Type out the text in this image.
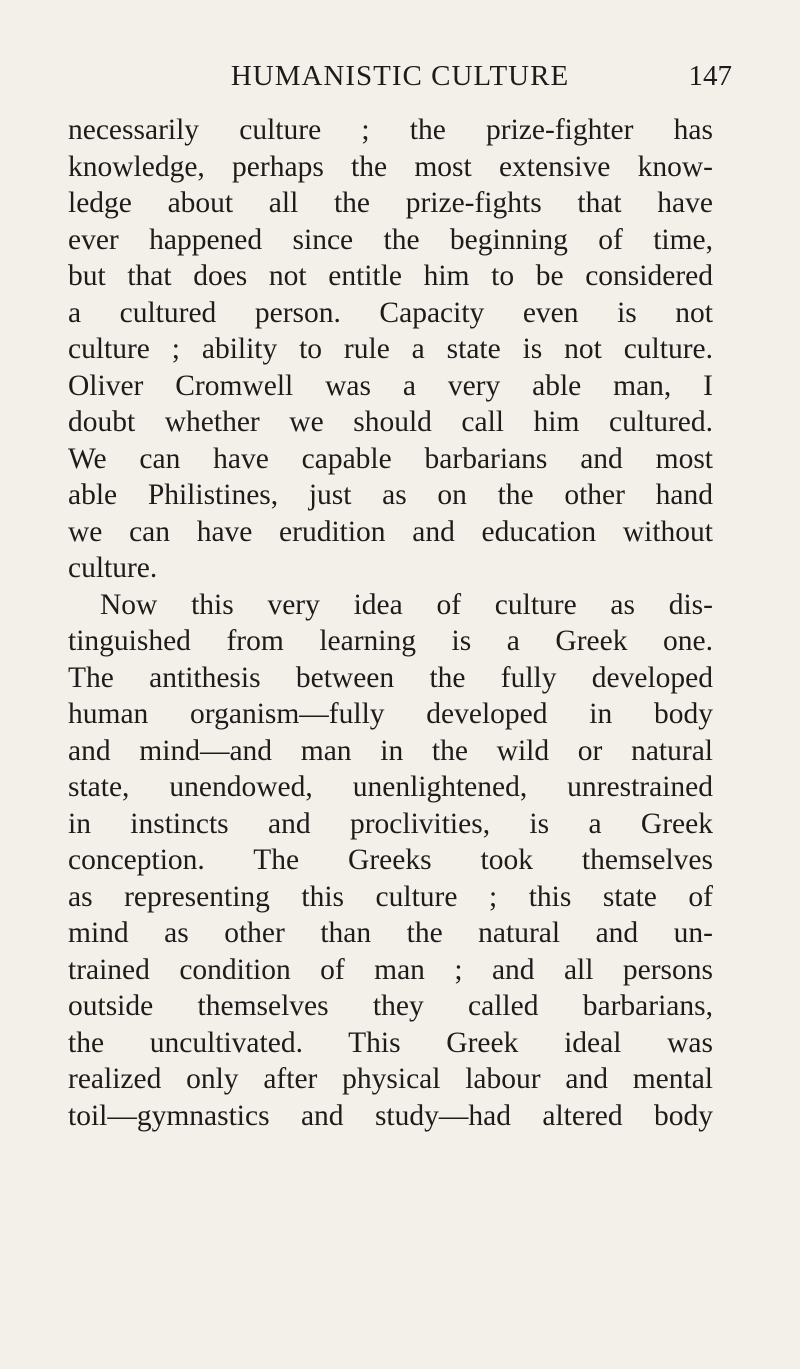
HUMANISTIC CULTURE	147
necessarily culture ; the prize-fighter has
knowledge, perhaps the most extensive know-
ledge about all the prize-fights that have
ever happened since the beginning of time,
but that does not entitle him to be considered
a cultured person. Capacity even is not
culture ; ability to rule a state is not culture.
Oliver Cromwell was a very able man, I
doubt whether we should call him cultured.
We can have capable barbarians and most
able Philistines, just as on the other hand
we can have erudition and education without
culture.
Now this very idea of culture as dis-
tinguished from learning is a Greek one.
The antithesis between the fully developed
human organism—fully developed in body
and mind—and man in the wild or natural
state, unendowed, unenlightened, unrestrained
in instincts and proclivities, is a Greek
conception. The Greeks took themselves
as representing this culture ; this state of
mind as other than the natural and un-
trained condition of man ; and all persons
outside themselves they called barbarians,
the uncultivated. This Greek ideal was
realized only after physical labour and mental
toil—gymnastics and study—had altered body
